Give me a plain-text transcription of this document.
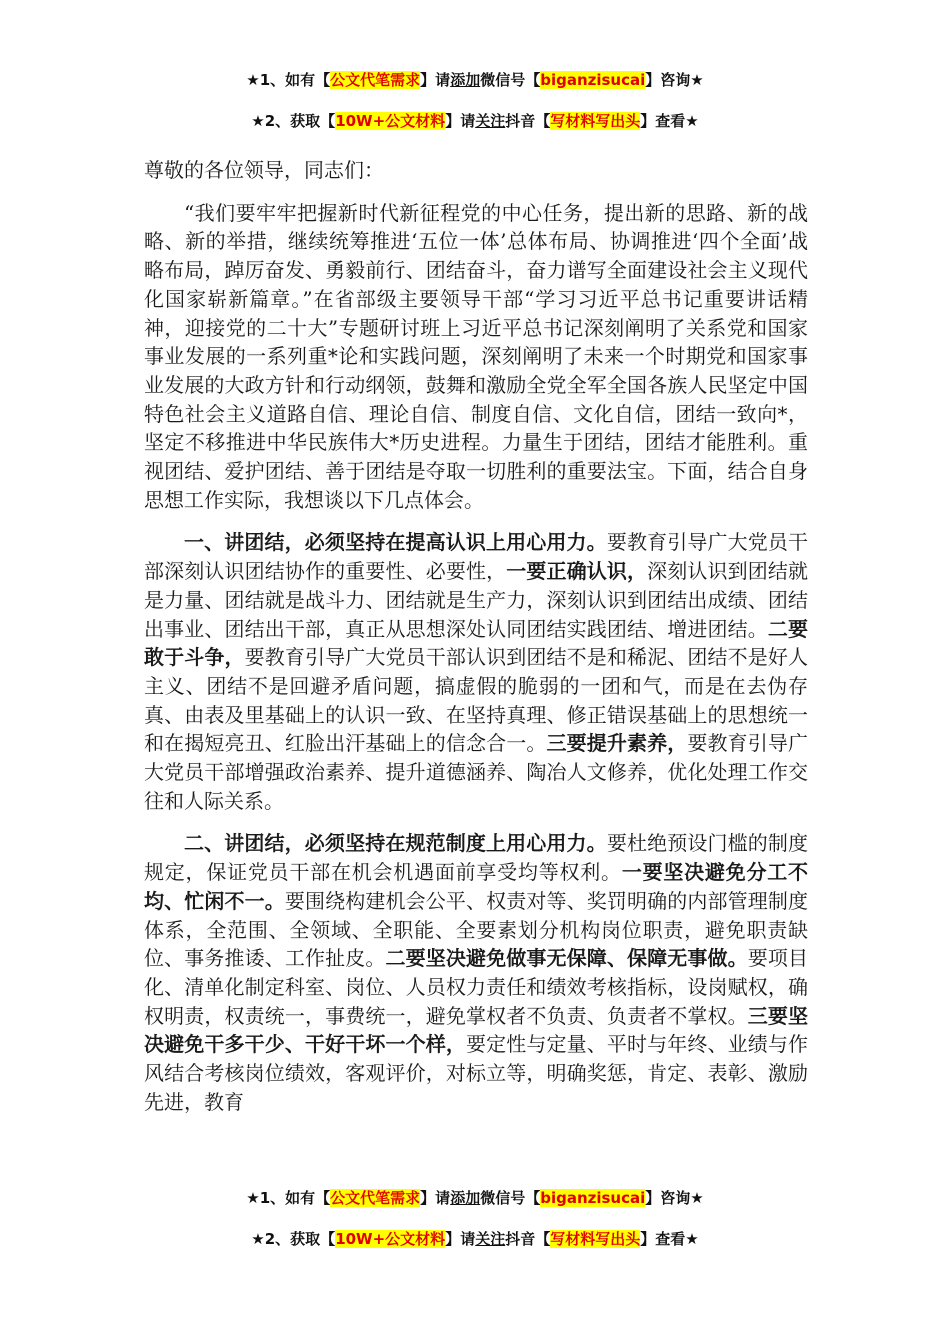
★1、如有【公文代笔需求】请添加微信号【biganzisucai】咨询★
★2、获取【10W+公文材料】请关注抖音【写材料写出头】查看★

尊敬的各位领导，同志们：

“我们要牢牢把握新时代新征程党的中心任务，提出新的思路、新的战略、新的举措，继续统筹推进‘五位一体’总体布局、协调推进‘四个全面’战略布局，踔厉奋发、勇毅前行、团结奋斗，奋力谱写全面建设社会主义现代化国家崭新篇章。”在省部级主要领导干部“学习习近平总书记重要讲话精神，迎接党的二十大”专题研讨班上习近平总书记深刻阐明了关系党和国家事业发展的一系列重*论和实践问题，深刻阐明了未来一个时期党和国家事业发展的大政方针和行动纲领，鼓舞和激励全党全军全国各族人民坚定中国特色社会主义道路自信、理论自信、制度自信、文化自信，团结一致向*，坚定不移推进中华民族伟大*历史进程。力量生于团结，团结才能胜利。重视团结、爱护团结、善于团结是夺取一切胜利的重要法宝。下面，结合自身思想工作实际，我想谈以下几点体会。

一、讲团结，必须坚持在提高认识上用心用力。要教育引导广大党员干部深刻认识团结协作的重要性、必要性，一要正确认识，深刻认识到团结就是力量、团结就是战斗力、团结就是生产力，深刻认识到团结出成绩、团结出事业、团结出干部，真正从思想深处认同团结实践团结、增进团结。二要敢于斗争，要教育引导广大党员干部认识到团结不是和稀泥、团结不是好人主义、团结不是回避矛盾问题，搞虚假的脆弱的一团和气，而是在去伪存真、由表及里基础上的认识一致、在坚持真理、修正错误基础上的思想统一和在揭短亮丑、红脸出汗基础上的信念合一。三要提升素养，要教育引导广大党员干部增强政治素养、提升道德涵养、陶冶人文修养，优化处理工作交往和人际关系。

二、讲团结，必须坚持在规范制度上用心用力。要杜绝预设门槛的制度规定，保证党员干部在机会机遇面前享受均等权利。一要坚决避免分工不均、忙闲不一。要围绕构建机会公平、权责对等、奖罚明确的内部管理制度体系，全范围、全领域、全职能、全要素划分机构岗位职责，避免职责缺位、事务推诿、工作扯皮。二要坚决避免做事无保障、保障无事做。要项目化、清单化制定科室、岗位、人员权力责任和绩效考核指标，设岗赋权，确权明责，权责统一，事费统一，避免掌权者不负责、负责者不掌权。三要坚决避免干多干少、干好干坏一个样，要定性与定量、平时与年终、业绩与作风结合考核岗位绩效，客观评价，对标立等，明确奖惩，肯定、表彰、激励先进，教育

★1、如有【公文代笔需求】请添加微信号【biganzisucai】咨询★
★2、获取【10W+公文材料】请关注抖音【写材料写出头】查看★
